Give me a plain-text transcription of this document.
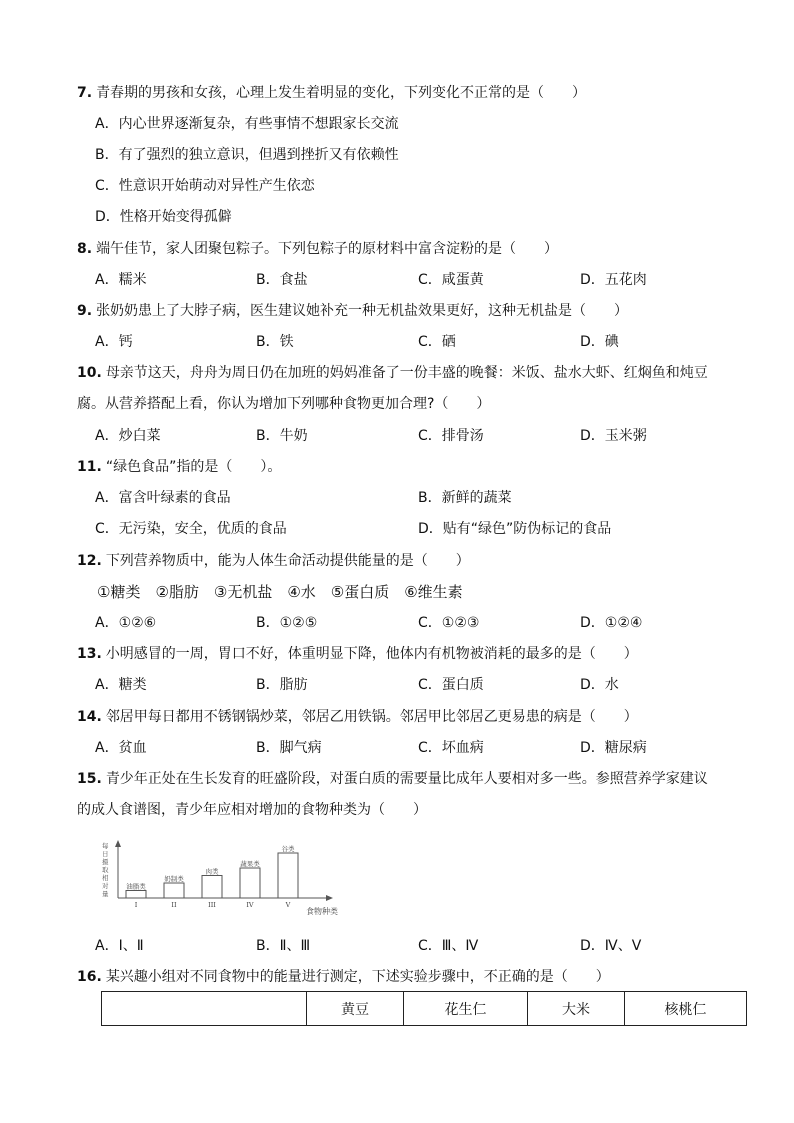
7. 青春期的男孩和女孩，心理上发生着明显的变化，下列变化不正常的是（　　）
A．内心世界逐渐复杂，有些事情不想跟家长交流
B．有了强烈的独立意识，但遇到挫折又有依赖性
C．性意识开始萌动对异性产生依恋
D．性格开始变得孤僻
8. 端午佳节，家人团聚包粽子。下列包粽子的原材料中富含淀粉的是（　　）
A．糯米	B．食盐	C．咸蛋黄	D．五花肉
9. 张奶奶患上了大脖子病，医生建议她补充一种无机盐效果更好，这种无机盐是（　　）
A．钙	B．铁	C．硒	D．碘
10. 母亲节这天，舟舟为周日仍在加班的妈妈准备了一份丰盛的晚餐：米饭、盐水大虾、红焖鱼和炖豆
腐。从营养搭配上看，你认为增加下列哪种食物更加合理?（　　）
A．炒白菜	B．牛奶	C．排骨汤	D．玉米粥
11. “绿色食品”指的是（　　）。
A．富含叶绿素的食品	B．新鲜的蔬菜
C．无污染，安全，优质的食品	D．贴有“绿色”防伪标记的食品
12. 下列营养物质中，能为人体生命活动提供能量的是（　　）
①糖类　②脂肪　③无机盐　④水　⑤蛋白质　⑥维生素
A．①②⑥	B．①②⑤	C．①②③	D．①②④
13. 小明感冒的一周，胃口不好，体重明显下降，他体内有机物被消耗的最多的是（　　）
A．糖类	B．脂肪	C．蛋白质	D．水
14. 邻居甲每日都用不锈钢锅炒菜，邻居乙用铁锅。邻居甲比邻居乙更易患的病是（　　）
A．贫血	B．脚气病	C．坏血病	D．糖尿病
15. 青少年正处在生长发育的旺盛阶段，对蛋白质的需要量比成年人要相对多一些。参照营养学家建议
的成人食谱图，青少年应相对增加的食物种类为（　　）
每日摄取相对量
油脂类
I
奶制类
II
肉类
III
蔬果类
IV
谷类
V
食物种类
A．Ⅰ、Ⅱ	B．Ⅱ、Ⅲ	C．Ⅲ、Ⅳ	D．Ⅳ、Ⅴ
16. 某兴趣小组对不同食物中的能量进行测定，下述实验步骤中，不正确的是（　　）
	黄豆	花生仁	大米	核桃仁
